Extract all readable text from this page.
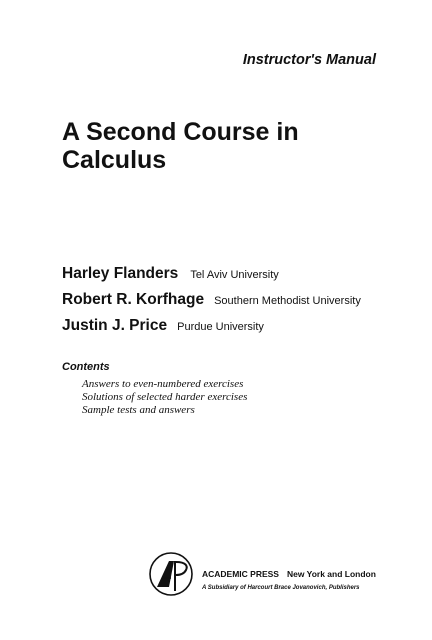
Instructor's Manual
A Second Course in
Calculus
Harley Flanders Tel Aviv University
Robert R. Korfhage Southern Methodist University
Justin J. Price Purdue University
Contents
Answers to even-numbered exercises
Solutions of selected harder exercises
Sample tests and answers
ACADEMIC PRESS New York and London
A Subsidiary of Harcourt Brace Jovanovich, Publishers
